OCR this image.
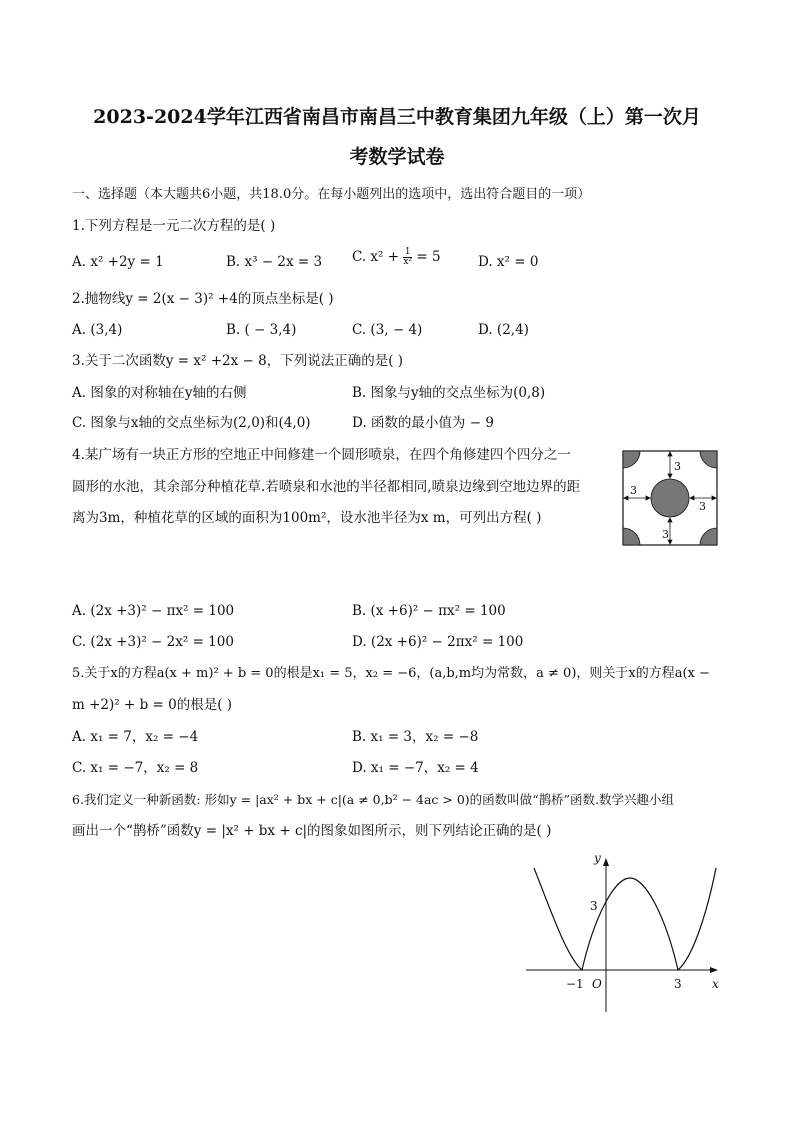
2023-2024学年江西省南昌市南昌三中教育集团九年级（上）第一次月
考数学试卷
一、选择题（本大题共6小题，共18.0分。在每小题列出的选项中，选出符合题目的一项）
1.下列方程是一元二次方程的是( )
A. x² +2y = 1	B. x³ − 2x = 3 C. $x^2 + \frac{1}{\text{x²}} = 5$	D. x² = 0
2.抛物线y = 2(x − 3)² +4的顶点坐标是( )
A. (3,4)	B. ( − 3,4)	C. (3, − 4)	D. (2,4)
3.关于二次函数y = x² +2x − 8，下列说法正确的是( )
A. 图象的对称轴在y轴的右侧	B. 图象与y轴的交点坐标为(0,8)
C. 图象与x轴的交点坐标为(2,0)和(4,0)	D. 函数的最小值为 − 9
4.某广场有一块正方形的空地正中间修建一个圆形喷泉，在四个角修建四个四分之一
圆形的水池，其余部分种植花草.若喷泉和水池的半径都相同,喷泉边缘到空地边界的距
离为3m，种植花草的区域的面积为100m²，设水池半径为x m，可列出方程( )
3
3
3
3
A. (2x +3)² − πx² = 100	B. (x +6)² − πx² = 100
C. (2x +3)² − 2x² = 100	D. (2x +6)² − 2πx² = 100
5.关于x的方程a(x + m)² + b = 0的根是x₁ = 5，x₂ = −6，(a,b,m均为常数，a ≠ 0)，则关于x的方程a(x −
m +2)² + b = 0的根是( )
A. x₁ = 7，x₂ = −4	B. x₁ = 3，x₂ = −8
C. x₁ = −7，x₂ = 8	D. x₁ = −7，x₂ = 4
6.我们定义一种新函数: 形如y = |ax² + bx + c|(a ≠ 0,b² − 4ac > 0)的函数叫做“鹊桥”函数.数学兴趣小组
画出一个“鹊桥”函数y = |x² + bx + c|的图象如图所示，则下列结论正确的是( )
y
x
O
3
−1	3
